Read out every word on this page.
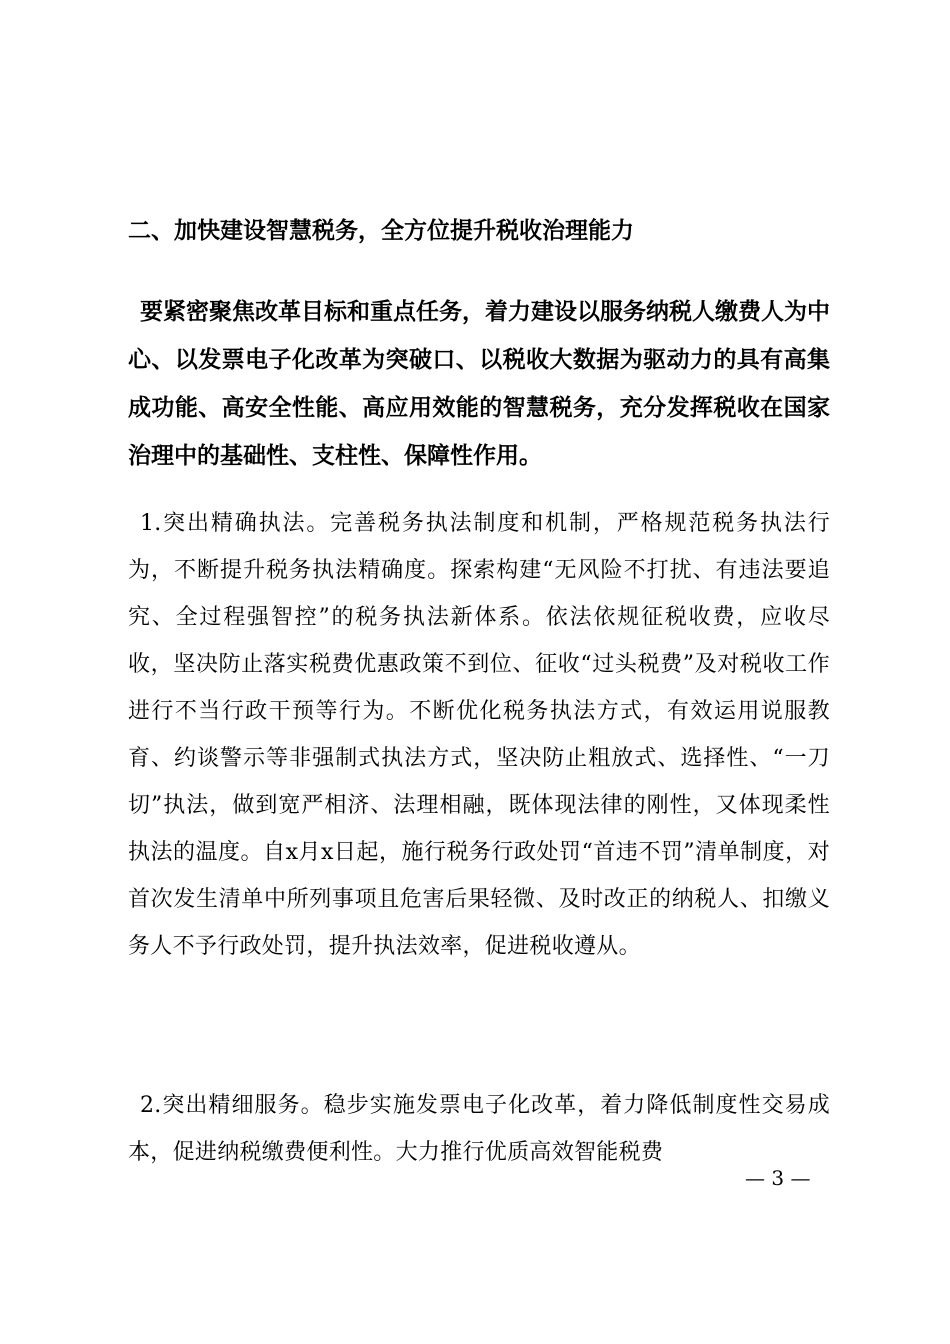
二、加快建设智慧税务，全方位提升税收治理能力

要紧密聚焦改革目标和重点任务，着力建设以服务纳税人缴费人为中心、以发票电子化改革为突破口、以税收大数据为驱动力的具有高集成功能、高安全性能、高应用效能的智慧税务，充分发挥税收在国家治理中的基础性、支柱性、保障性作用。

1.突出精确执法。完善税务执法制度和机制，严格规范税务执法行为，不断提升税务执法精确度。探索构建“无风险不打扰、有违法要追究、全过程强智控”的税务执法新体系。依法依规征税收费，应收尽收，坚决防止落实税费优惠政策不到位、征收“过头税费”及对税收工作进行不当行政干预等行为。不断优化税务执法方式，有效运用说服教育、约谈警示等非强制式执法方式，坚决防止粗放式、选择性、“一刀切”执法，做到宽严相济、法理相融，既体现法律的刚性，又体现柔性执法的温度。自x月x日起，施行税务行政处罚“首违不罚”清单制度，对首次发生清单中所列事项且危害后果轻微、及时改正的纳税人、扣缴义务人不予行政处罚，提升执法效率，促进税收遵从。

2.突出精细服务。稳步实施发票电子化改革，着力降低制度性交易成本，促进纳税缴费便利性。大力推行优质高效智能税费

— 3 —
